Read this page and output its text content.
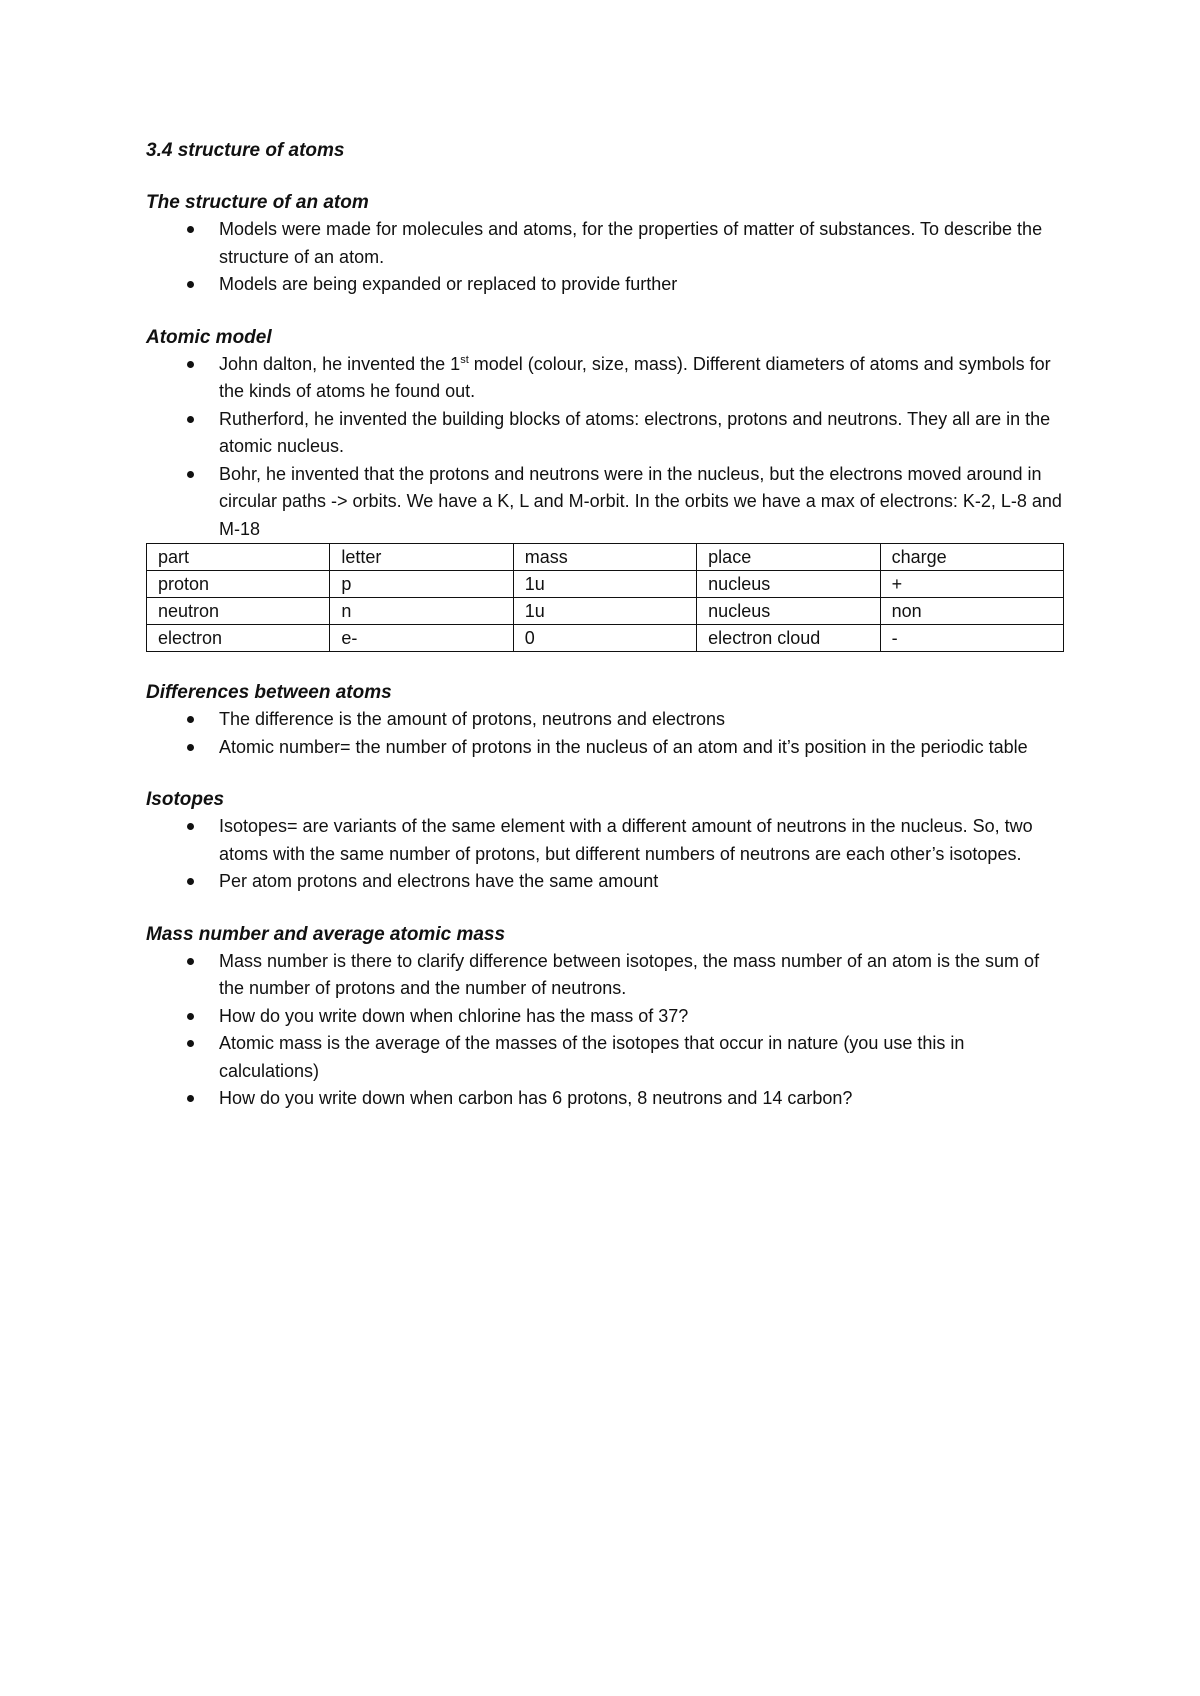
3.4 structure of atoms

The structure of an atom

Models were made for molecules and atoms, for the properties of matter of substances. To describe the structure of an atom.
Models are being expanded or replaced to provide further

Atomic model

John dalton, he invented the 1st model (colour, size, mass). Different diameters of atoms and symbols for the kinds of atoms he found out.
Rutherford, he invented the building blocks of atoms: electrons, protons and neutrons. They all are in the atomic nucleus.
Bohr, he invented that the protons and neutrons were in the nucleus, but the electrons moved around in circular paths -> orbits. We have a K, L and M-orbit. In the orbits we have a max of electrons: K-2, L-8 and M-18
part	letter	mass	place	charge
proton	p	1u	nucleus	+
neutron	n	1u	nucleus	non
electron	e-	0	electron cloud	-

Differences between atoms

The difference is the amount of protons, neutrons and electrons
Atomic number= the number of protons in the nucleus of an atom and it’s position in the periodic table

Isotopes

Isotopes= are variants of the same element with a different amount of neutrons in the nucleus. So, two atoms with the same number of protons, but different numbers of neutrons are each other’s isotopes.
Per atom protons and electrons have the same amount

Mass number and average atomic mass

Mass number is there to clarify difference between isotopes, the mass number of an atom is the sum of the number of protons and the number of neutrons.
How do you write down when chlorine has the mass of 37?
Atomic mass is the average of the masses of the isotopes that occur in nature (you use this in calculations)
How do you write down when carbon has 6 protons, 8 neutrons and 14 carbon?
